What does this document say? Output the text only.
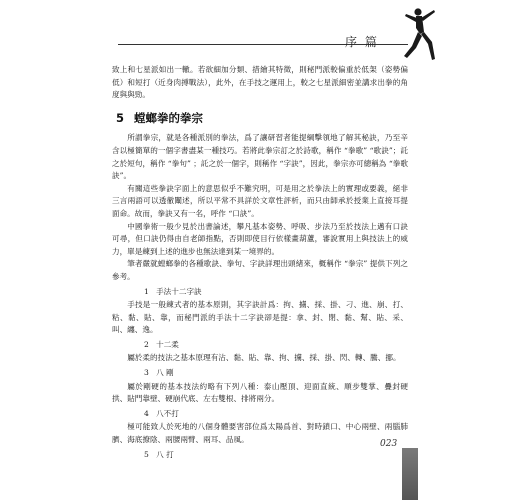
序 篇

致上和七星派如出一轍。若欲細加分類、措繪其特徵，則秘門派較偏重於低架（姿勢偏低）和短打（近身肉搏戰法），此外，在手技之運用上，較之七星派細密並講求出拳的角度與與勁。

5 螳螂拳的拳宗

所謂拳宗，就是各種派別的拳法，爲了讓研習者能提綱擊領地了解其秘訣，乃至辛含以極簡單的一個字書盡某一種技巧。若將此拳宗訂之於詩歌，稱作 “拳歌” “歌訣”；託之於短句，稱作 “拳句” ；託之於一個字，則稱作 “字訣”，因此，拳宗亦可總稱為 “拳歌訣”。

有關這些拳訣字面上的意思似乎不難究明，可是用之於拳法上的實理或要義，絕非三言兩語可以透徹闡述，所以平常不具詳於文章性評析，而只由師承於授業上直接耳提面命。故而，拳訣又有一名，呼作 “口訣”。

中國拳術一般少見於出書論述，攀凡基本姿勢、呼吸、步法乃至於技法上邁有口訣可尋，但口訣仍得由自老師指點，否則即使目行依樣畫葫蘆，審說實用上與技法上的威力，單是練到上述的進步也無法達到某一境界的。

筆者嚴就螳螂拳的各種歌訣、拳句、字訣詳理出頭緒來，概稱作 “拳宗” 提供下列之參考。

1 手法十二字訣

手技是一般練式者的基本原則，其字訣計爲：拘、擄、採、掛、刁、進、崩、打、粘、黏、貼、靠，而秘門派的手法十二字訣卻是提：拿、封、閉、黏、幫、貼、采、叫、纏、逸。

2 十二柔

屬於柔的技法之基本原理有沾、黏、貼、靠、拘、擄、採、掛、閃、轉、騰、挪。

3 八 剛

屬於剛硬的基本技法約略有下列八種：泰山壓頂、迎面直統、順步雙掌、疊封硬拱、貼門靠壁、硬崩代底、左右雙根、排將兩分。

4 八不打

極可能致人於死地的八個身體要害部位爲太陽爲首、對時鎖口、中心兩壁、兩腦肺臍、海底撩陰、兩腰兩臂、兩耳、品風。

5 八 打
023
